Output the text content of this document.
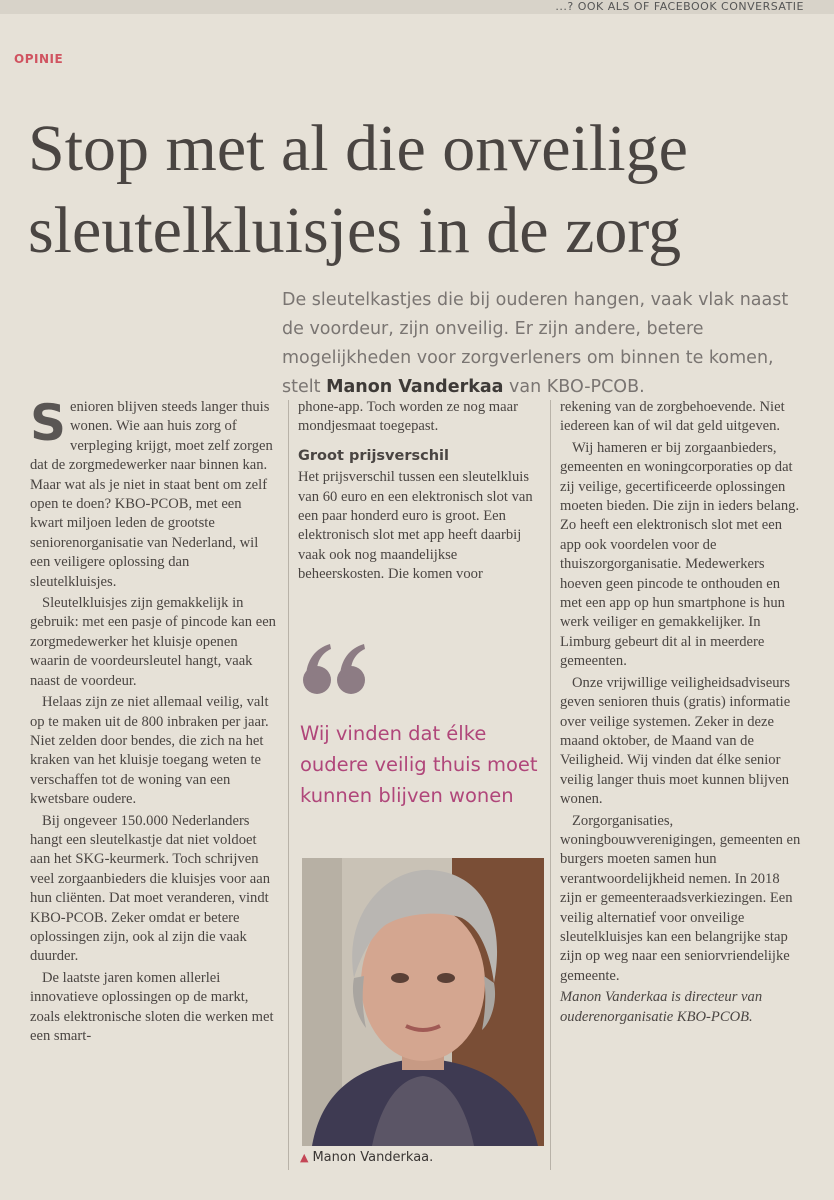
...? OOK ALS OF FACEBOOK CONVERSATIE
OPINIE
Stop met al die onveilige sleutelkluisjes in de zorg

De sleutelkastjes die bij ouderen hangen, vaak vlak naast de voordeur, zijn onveilig. Er zijn andere, betere mogelijkheden voor zorgverleners om binnen te komen, stelt Manon Vanderkaa van KBO-PCOB.

Senioren blijven steeds langer thuis wonen. Wie aan huis zorg of verpleging krijgt, moet zelf zorgen dat de zorgmedewerker naar binnen kan. Maar wat als je niet in staat bent om zelf open te doen? KBO-PCOB, met een kwart miljoen leden de grootste seniorenorganisatie van Nederland, wil een veiligere oplossing dan sleutelkluisjes.

Sleutelkluisjes zijn gemakkelijk in gebruik: met een pasje of pincode kan een zorgmedewerker het kluisje openen waarin de voordeursleutel hangt, vaak naast de voordeur.

Helaas zijn ze niet allemaal veilig, valt op te maken uit de 800 inbraken per jaar. Niet zelden door bendes, die zich na het kraken van het kluisje toegang weten te verschaffen tot de woning van een kwetsbare oudere.

Bij ongeveer 150.000 Nederlanders hangt een sleutelkastje dat niet voldoet aan het SKG-keurmerk. Toch schrijven veel zorgaanbieders die kluisjes voor aan hun cliënten. Dat moet veranderen, vindt KBO-PCOB. Zeker omdat er betere oplossingen zijn, ook al zijn die vaak duurder.

De laatste jaren komen allerlei innovatieve oplossingen op de markt, zoals elektronische sloten die werken met een smart-

phone-app. Toch worden ze nog maar mondjesmaat toegepast.

Groot prijsverschil

Het prijsverschil tussen een sleutelkluis van 60 euro en een elektronisch slot van een paar honderd euro is groot. Een elektronisch slot met app heeft daarbij vaak ook nog maandelijkse beheerskosten. Die komen voor

Wij vinden dat élke oudere veilig thuis moet kunnen blijven wonen
▲ Manon Vanderkaa.

rekening van de zorgbehoevende. Niet iedereen kan of wil dat geld uitgeven.

Wij hameren er bij zorgaanbieders, gemeenten en woningcorporaties op dat zij veilige, gecertificeerde oplossingen moeten bieden. Die zijn in ieders belang. Zo heeft een elektronisch slot met een app ook voordelen voor de thuiszorgorganisatie. Medewerkers hoeven geen pincode te onthouden en met een app op hun smartphone is hun werk veiliger en gemakkelijker. In Limburg gebeurt dit al in meerdere gemeenten.

Onze vrijwillige veiligheidsadviseurs geven senioren thuis (gratis) informatie over veilige systemen. Zeker in deze maand oktober, de Maand van de Veiligheid. Wij vinden dat élke senior veilig langer thuis moet kunnen blijven wonen.

Zorgorganisaties, woningbouwverenigingen, gemeenten en burgers moeten samen hun verantwoordelijkheid nemen. In 2018 zijn er gemeenteraadsverkiezingen. Een veilig alternatief voor onveilige sleutelkluisjes kan een belangrijke stap zijn op weg naar een seniorvriendelijke gemeente.

Manon Vanderkaa is directeur van ouderenorganisatie KBO-PCOB.
